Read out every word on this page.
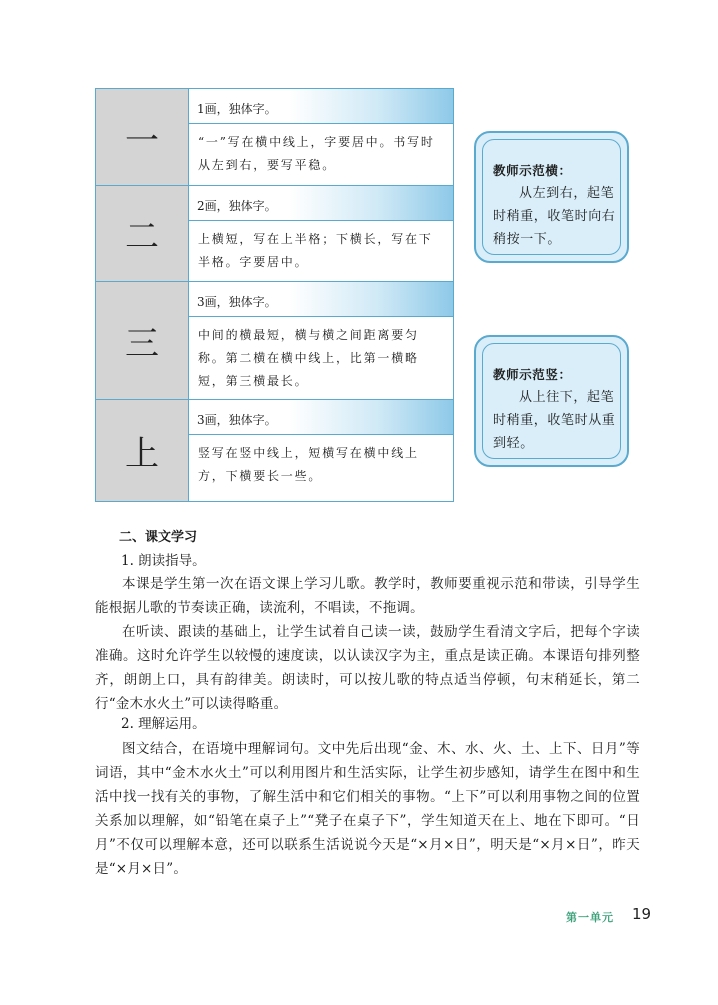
一
1画，独体字。
“一”写在横中线上，字要居中。书写时从左到右，要写平稳。
二
2画，独体字。
上横短，写在上半格；下横长，写在下半格。字要居中。
三
3画，独体字。
中间的横最短，横与横之间距离要匀称。第二横在横中线上，比第一横略短，第三横最长。
上
3画，独体字。
竖写在竖中线上，短横写在横中线上方，下横要长一些。
教师示范横：
从左到右，起笔时稍重，收笔时向右稍按一下。
教师示范竖：
从上往下，起笔时稍重，收笔时从重到轻。
二、课文学习
1. 朗读指导。
本课是学生第一次在语文课上学习儿歌。教学时，教师要重视示范和带读，引导学生能根据儿歌的节奏读正确，读流利，不唱读，不拖调。
在听读、跟读的基础上，让学生试着自己读一读，鼓励学生看清文字后，把每个字读准确。这时允许学生以较慢的速度读，以认读汉字为主，重点是读正确。本课语句排列整齐，朗朗上口，具有韵律美。朗读时，可以按儿歌的特点适当停顿，句末稍延长，第二行“金木水火土”可以读得略重。
2. 理解运用。
图文结合，在语境中理解词句。文中先后出现“金、木、水、火、土、上下、日月”等词语，其中“金木水火土”可以利用图片和生活实际，让学生初步感知，请学生在图中和生活中找一找有关的事物，了解生活中和它们相关的事物。“上下”可以利用事物之间的位置关系加以理解，如“铅笔在桌子上”“凳子在桌子下”，学生知道天在上、地在下即可。“日月”不仅可以理解本意，还可以联系生活说说今天是“×月×日”，明天是“×月×日”，昨天是“×月×日”。
第一单元 19
